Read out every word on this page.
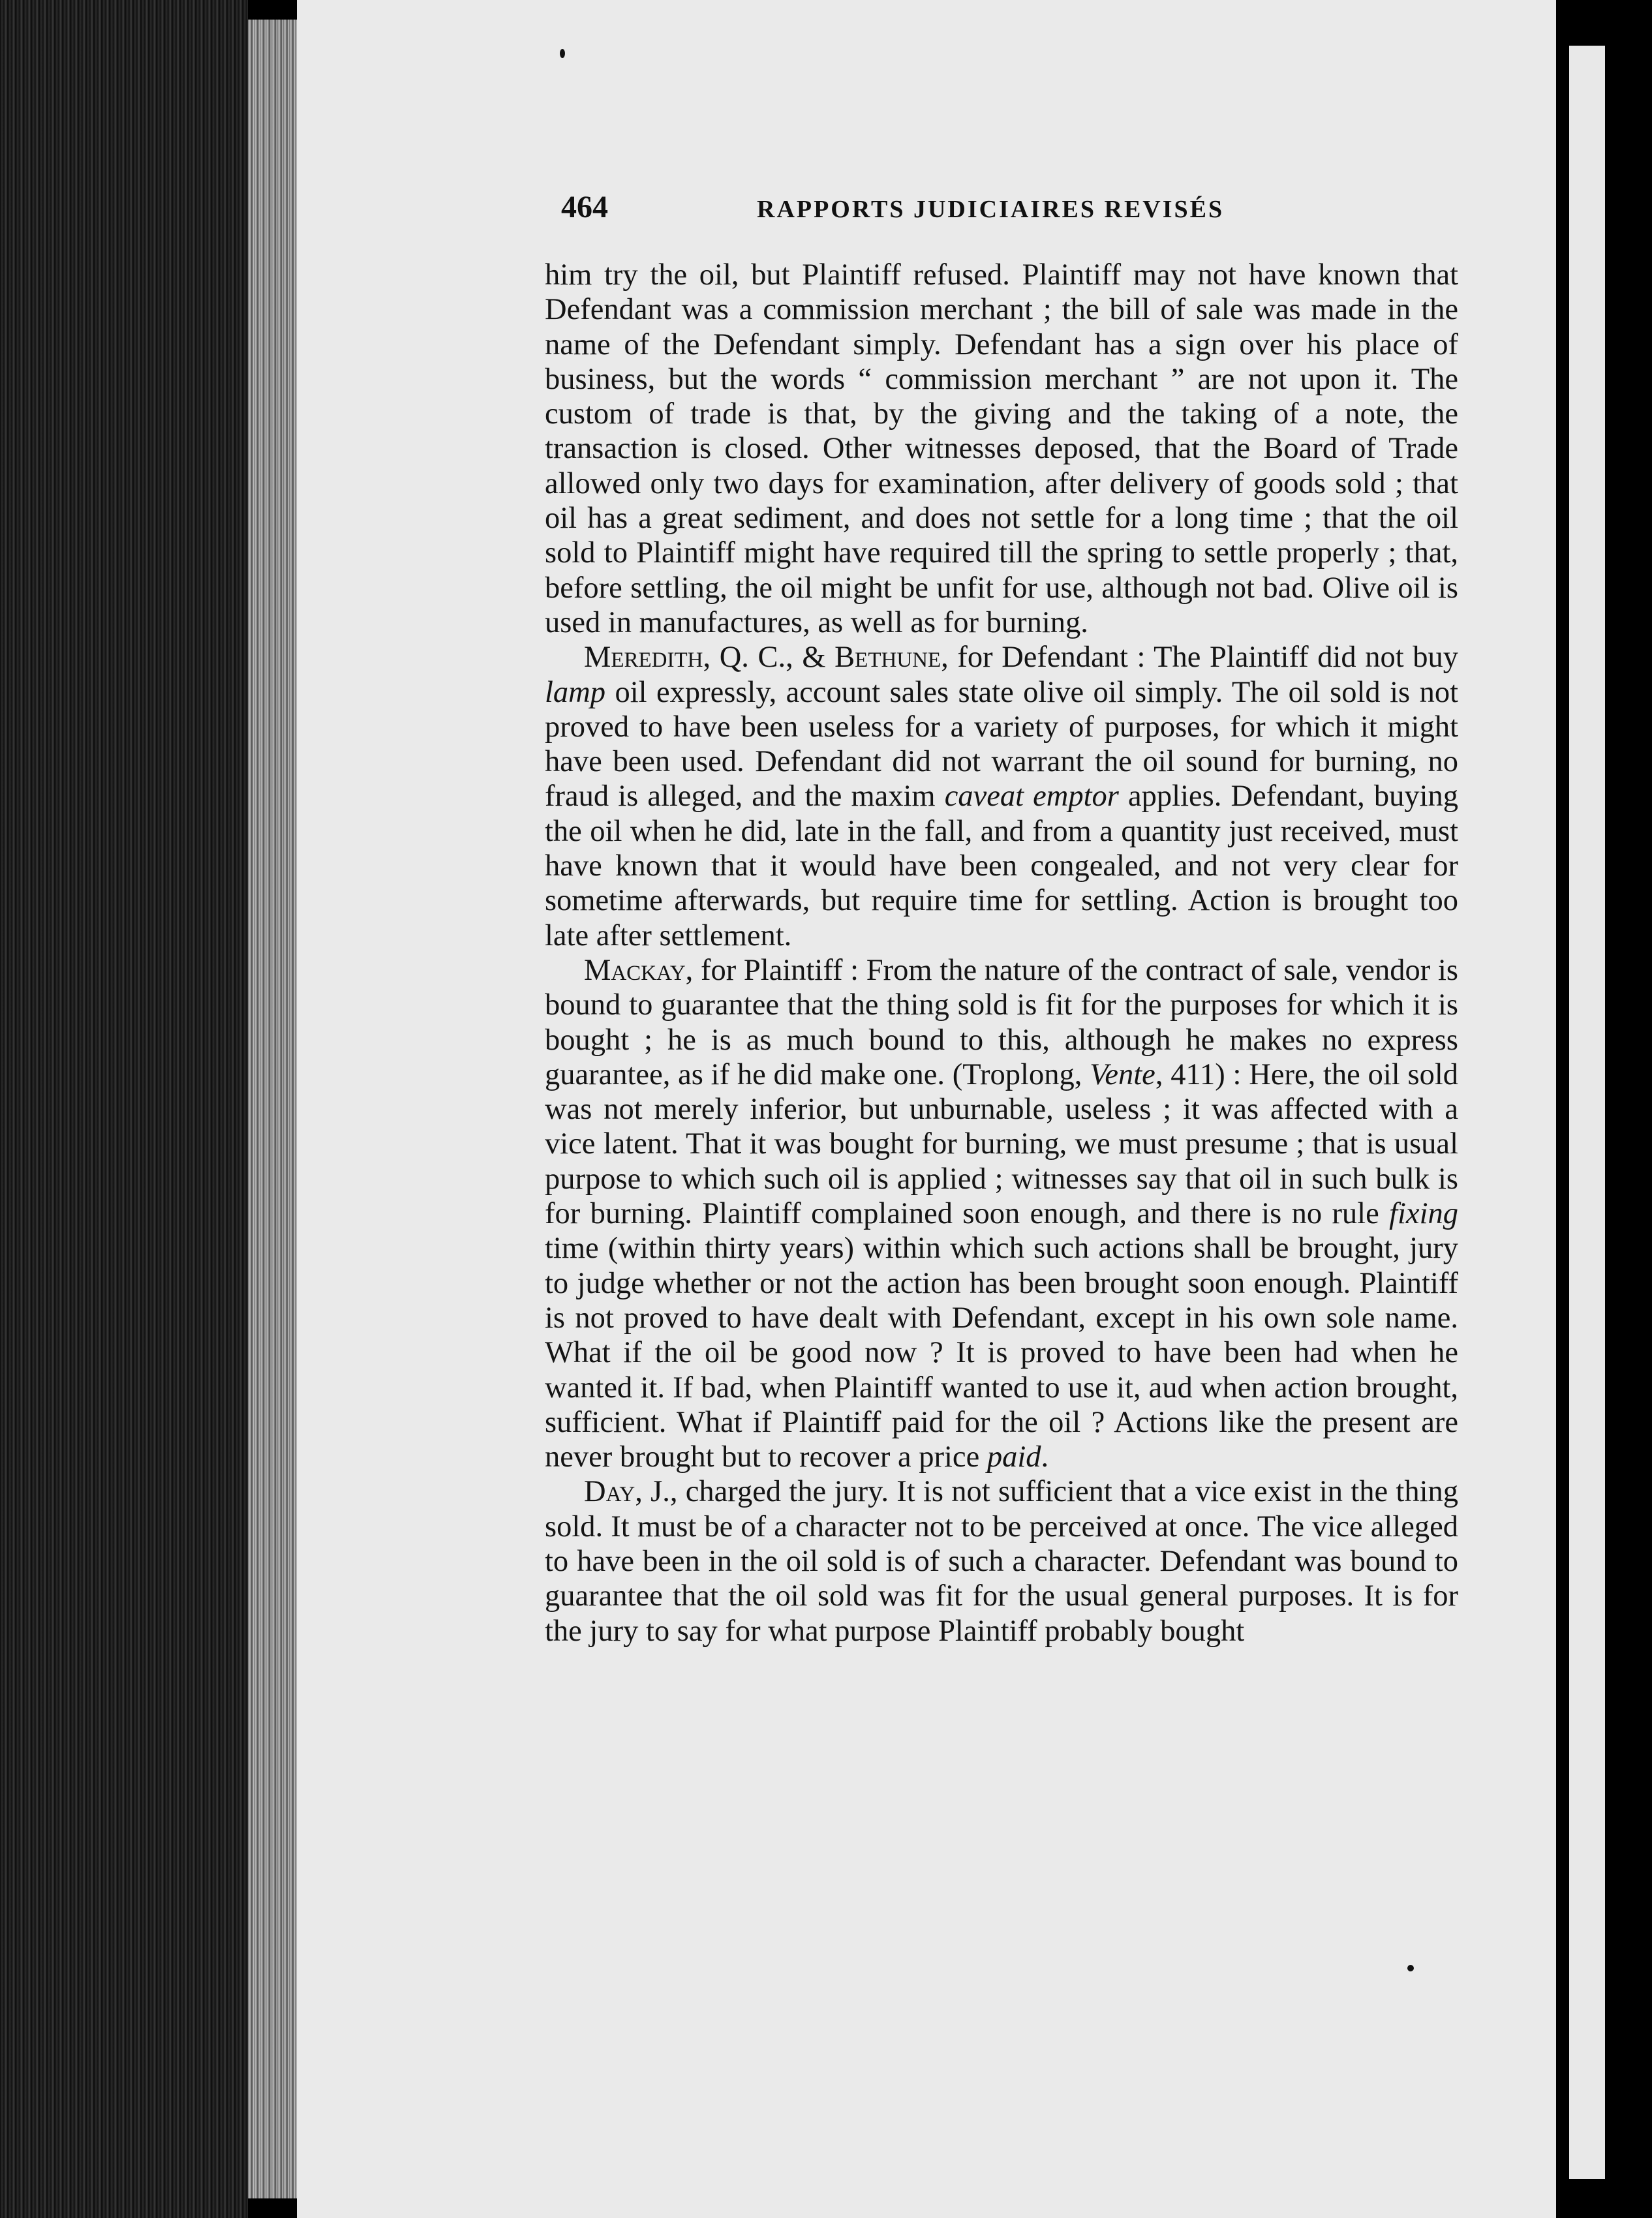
464	RAPPORTS JUDICIAIRES REVISÉS

him try the oil, but Plaintiff refused. Plaintiff may not have known that Defendant was a commission merchant ; the bill of sale was made in the name of the Defendant simply. Defendant has a sign over his place of business, but the words “ commission merchant ” are not upon it. The custom of trade is that, by the giving and the taking of a note, the transaction is closed. Other witnesses deposed, that the Board of Trade allowed only two days for examination, after delivery of goods sold ; that oil has a great sediment, and does not settle for a long time ; that the oil sold to Plaintiff might have required till the spring to settle properly ; that, before settling, the oil might be unfit for use, although not bad. Olive oil is used in manufactures, as well as for burning.

Meredith, Q. C., & Bethune, for Defendant : The Plaintiff did not buy lamp oil expressly, account sales state olive oil simply. The oil sold is not proved to have been useless for a variety of purposes, for which it might have been used. Defendant did not warrant the oil sound for burning, no fraud is alleged, and the maxim caveat emptor applies. Defendant, buying the oil when he did, late in the fall, and from a quantity just received, must have known that it would have been congealed, and not very clear for sometime afterwards, but require time for settling. Action is brought too late after settlement.

Mackay, for Plaintiff : From the nature of the contract of sale, vendor is bound to guarantee that the thing sold is fit for the purposes for which it is bought ; he is as much bound to this, although he makes no express guarantee, as if he did make one. (Troplong, Vente, 411) : Here, the oil sold was not merely inferior, but unburnable, useless ; it was affected with a vice latent. That it was bought for burning, we must presume ; that is usual purpose to which such oil is applied ; witnesses say that oil in such bulk is for burning. Plaintiff complained soon enough, and there is no rule fixing time (within thirty years) within which such actions shall be brought, jury to judge whether or not the action has been brought soon enough. Plaintiff is not proved to have dealt with Defendant, except in his own sole name. What if the oil be good now ? It is proved to have been had when he wanted it. If bad, when Plaintiff wanted to use it, aud when action brought, sufficient. What if Plaintiff paid for the oil ? Actions like the present are never brought but to recover a price paid.

Day, J., charged the jury. It is not sufficient that a vice exist in the thing sold. It must be of a character not to be perceived at once. The vice alleged to have been in the oil sold is of such a character. Defendant was bound to guarantee that the oil sold was fit for the usual general purposes. It is for the jury to say for what purpose Plaintiff probably bought
